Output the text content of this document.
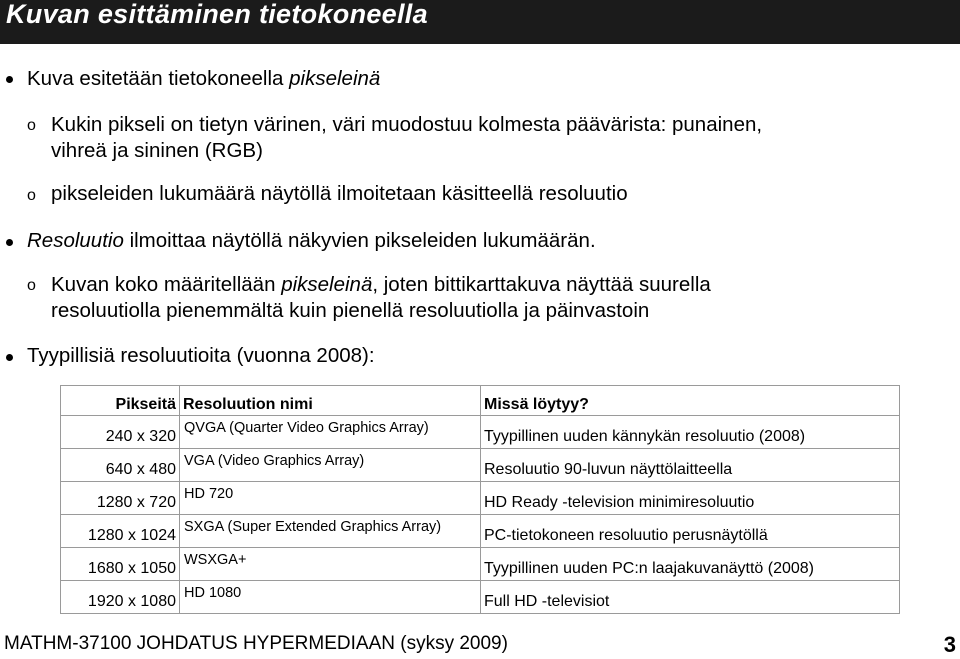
Kuvan esittäminen tietokoneella
Kuva esitetään tietokoneella pikseleinä
o Kukin pikseli on tietyn värinen, väri muodostuu kolmesta päävärista: punainen,
vihreä ja sininen (RGB)
o pikseleiden lukumäärä näytöllä ilmoitetaan käsitteellä resoluutio
Resoluutio ilmoittaa näytöllä näkyvien pikseleiden lukumäärän.
o Kuvan koko määritellään pikseleinä, joten bittikarttakuva näyttää suurella
resoluutiolla pienemmältä kuin pienellä resoluutiolla ja päinvastoin
Tyypillisiä resoluutioita (vuonna 2008):
Pikseitä	Resoluution nimi	Missä löytyy?
240 x 320	QVGA (Quarter Video Graphics Array)	Tyypillinen uuden kännykän resoluutio (2008)
640 x 480	VGA (Video Graphics Array)	Resoluutio 90-luvun näyttölaitteella
1280 x 720	HD 720	HD Ready -television minimiresoluutio
1280 x 1024	SXGA (Super Extended Graphics Array)	PC-tietokoneen resoluutio perusnäytöllä
1680 x 1050	WSXGA+	Tyypillinen uuden PC:n laajakuvanäyttö (2008)
1920 x 1080	HD 1080	Full HD -televisiot
MATHM-37100 JOHDATUS HYPERMEDIAAN (syksy 2009)	3
